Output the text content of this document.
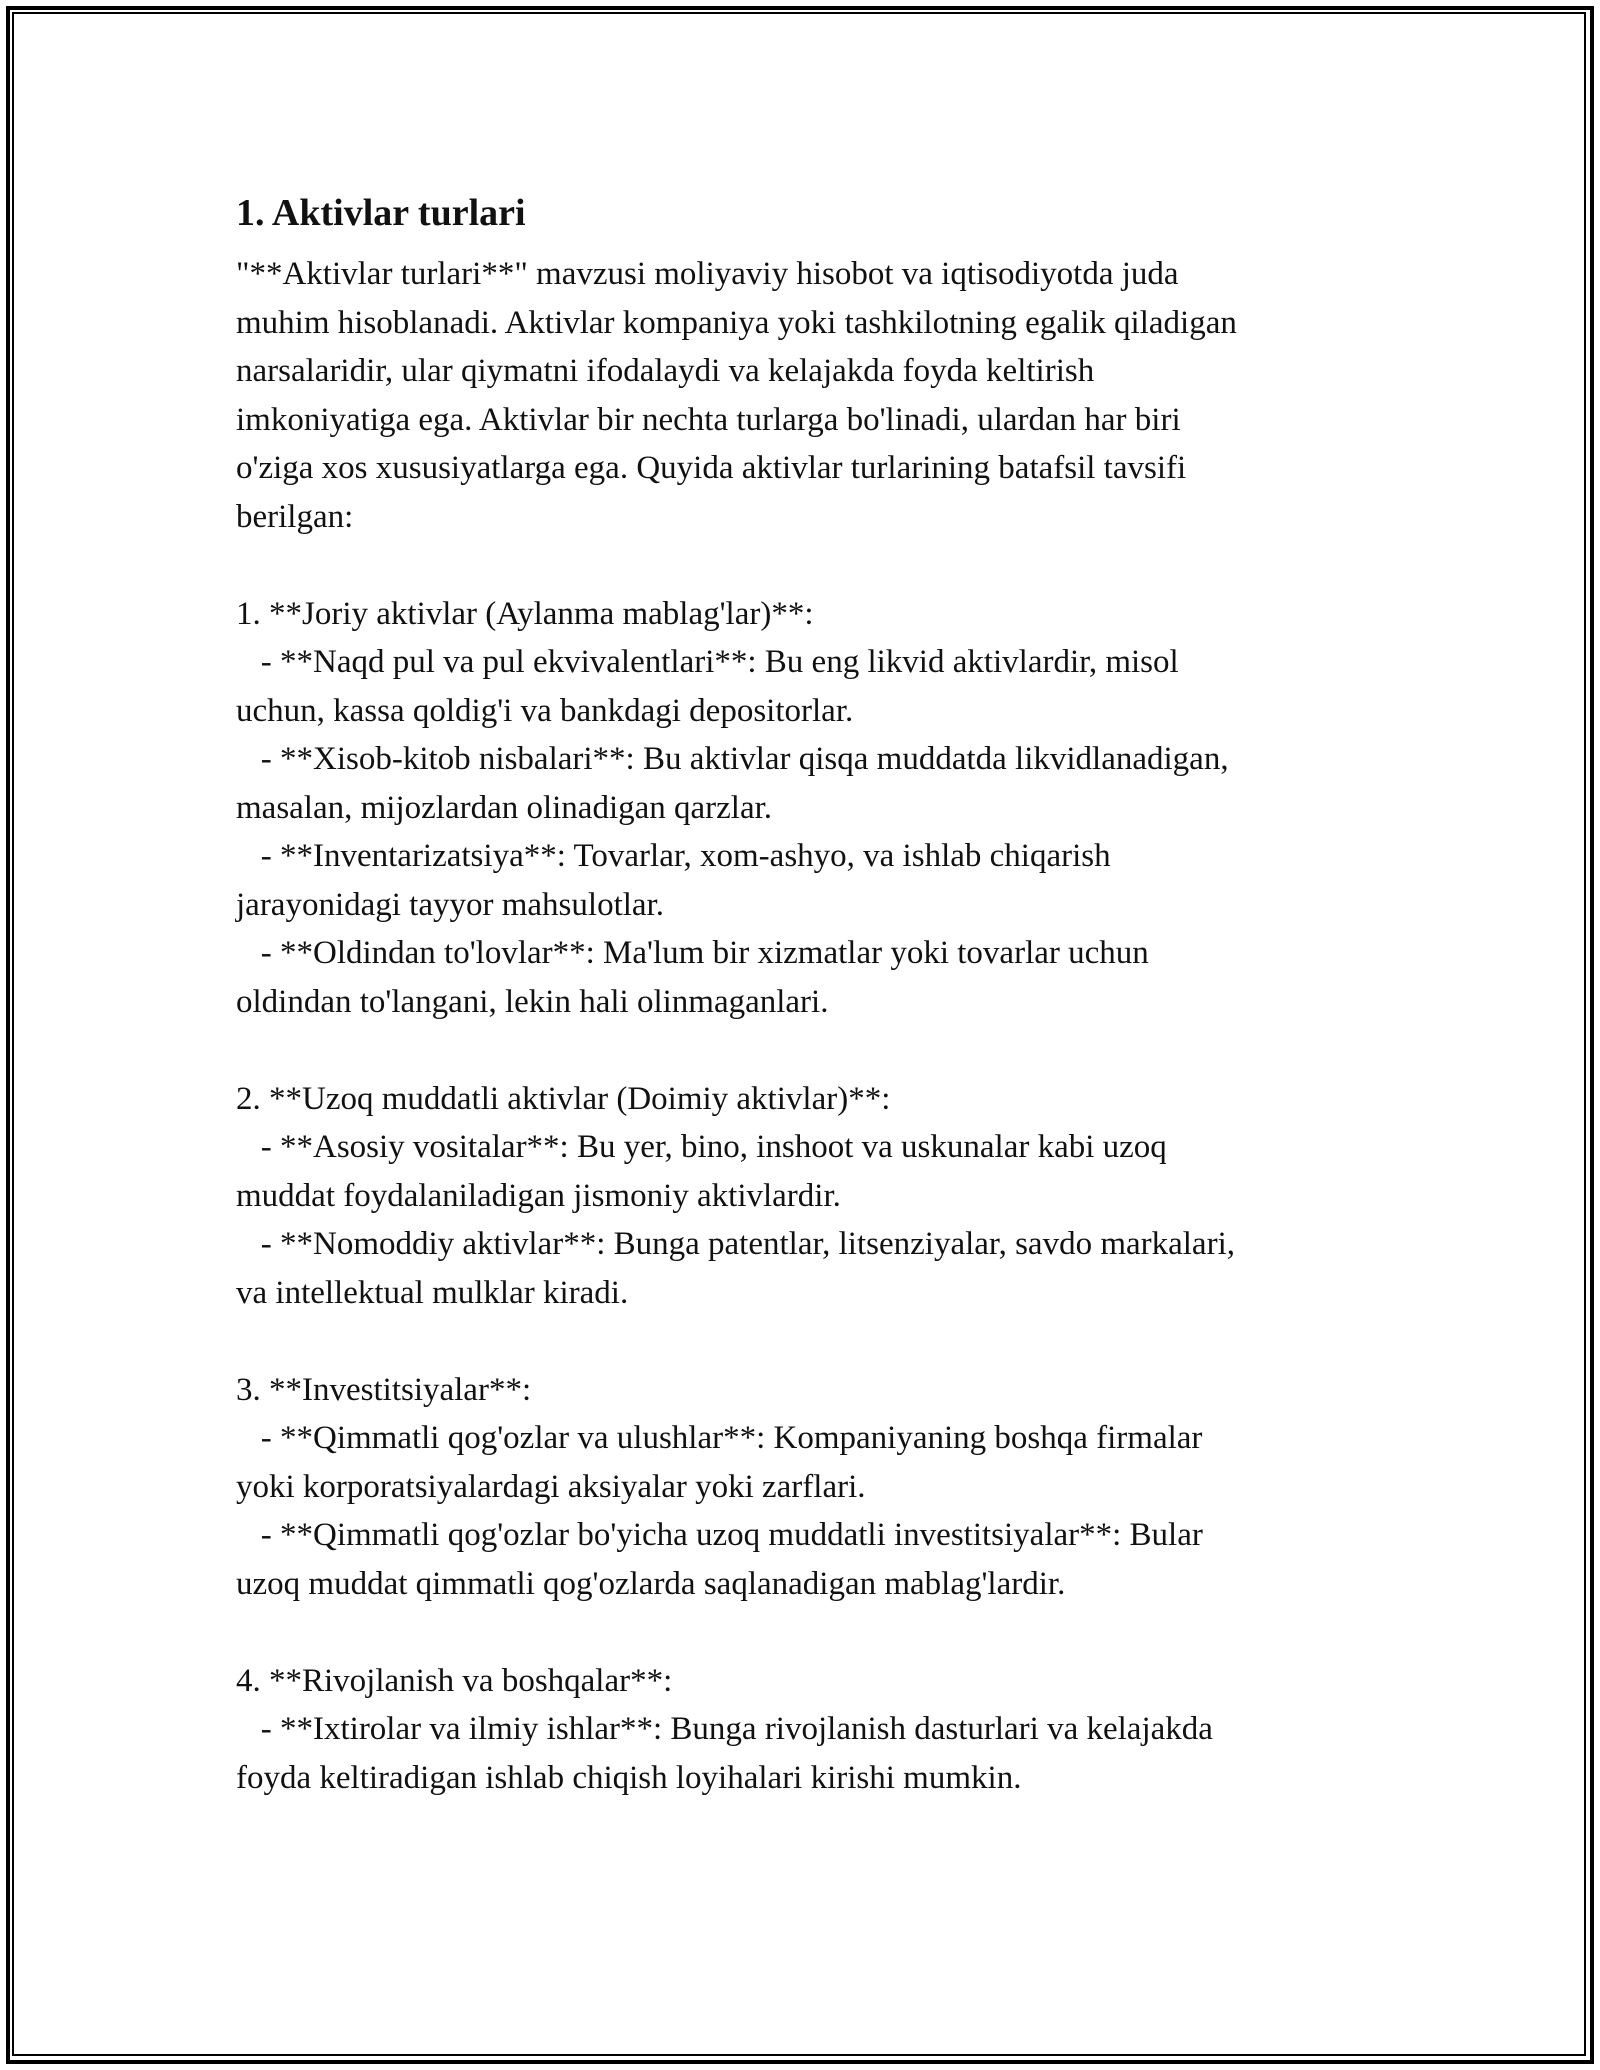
1. Aktivlar turlari

"**Aktivlar turlari**" mavzusi moliyaviy hisobot va iqtisodiyotda juda
muhim hisoblanadi. Aktivlar kompaniya yoki tashkilotning egalik qiladigan
narsalaridir, ular qiymatni ifodalaydi va kelajakda foyda keltirish
imkoniyatiga ega. Aktivlar bir nechta turlarga bo'linadi, ulardan har biri
o'ziga xos xususiyatlarga ega. Quyida aktivlar turlarining batafsil tavsifi
berilgan:

1. **Joriy aktivlar (Aylanma mablag'lar)**:
- **Naqd pul va pul ekvivalentlari**: Bu eng likvid aktivlardir, misol
uchun, kassa qoldig'i va bankdagi depositorlar.
- **Xisob-kitob nisbalari**: Bu aktivlar qisqa muddatda likvidlanadigan,
masalan, mijozlardan olinadigan qarzlar.
- **Inventarizatsiya**: Tovarlar, xom-ashyo, va ishlab chiqarish
jarayonidagi tayyor mahsulotlar.
- **Oldindan to'lovlar**: Ma'lum bir xizmatlar yoki tovarlar uchun
oldindan to'langani, lekin hali olinmaganlari.

2. **Uzoq muddatli aktivlar (Doimiy aktivlar)**:
- **Asosiy vositalar**: Bu yer, bino, inshoot va uskunalar kabi uzoq
muddat foydalaniladigan jismoniy aktivlardir.
- **Nomoddiy aktivlar**: Bunga patentlar, litsenziyalar, savdo markalari,
va intellektual mulklar kiradi.

3. **Investitsiyalar**:
- **Qimmatli qog'ozlar va ulushlar**: Kompaniyaning boshqa firmalar
yoki korporatsiyalardagi aksiyalar yoki zarflari.
- **Qimmatli qog'ozlar bo'yicha uzoq muddatli investitsiyalar**: Bular
uzoq muddat qimmatli qog'ozlarda saqlanadigan mablag'lardir.

4. **Rivojlanish va boshqalar**:
- **Ixtirolar va ilmiy ishlar**: Bunga rivojlanish dasturlari va kelajakda
foyda keltiradigan ishlab chiqish loyihalari kirishi mumkin.
